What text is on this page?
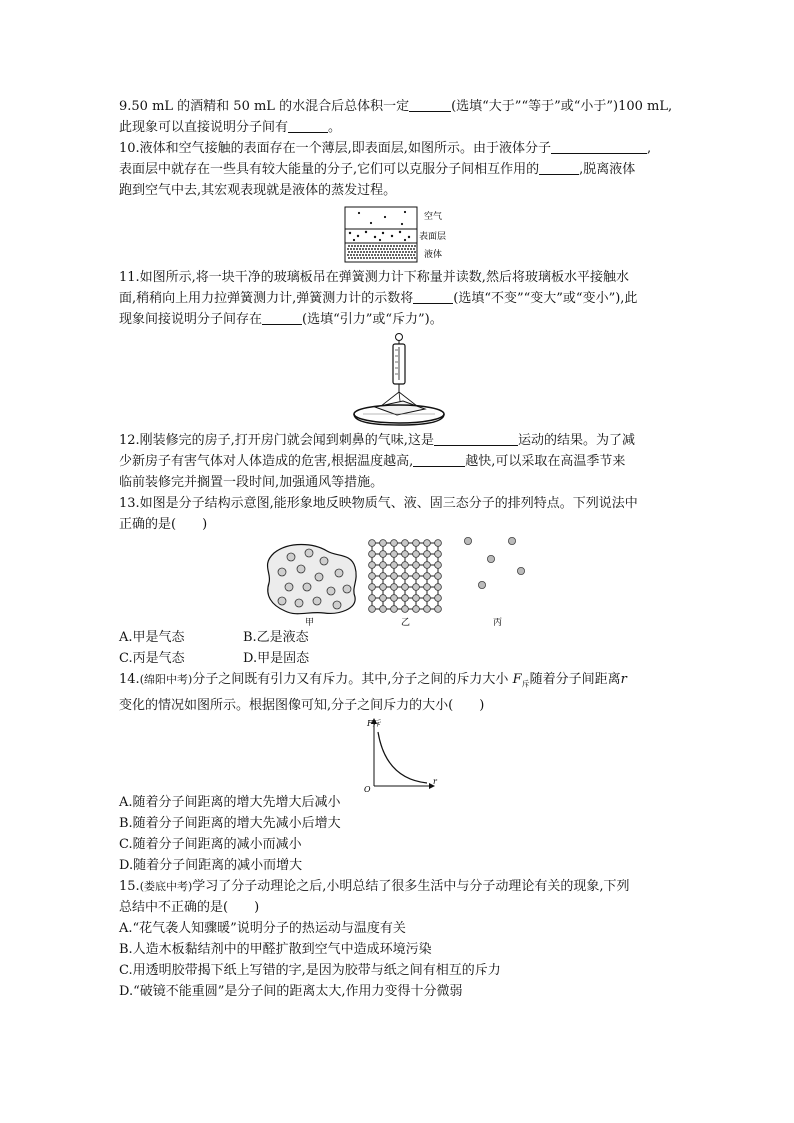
9.50 mL 的酒精和 50 mL 的水混合后总体积一定	(选填“大于”“等于”或“小于”)100 mL,
此现象可以直接说明分子间有	。
10.液体和空气接触的表面存在一个薄层,即表面层,如图所示。由于液体分子	,
表面层中就存在一些具有较大能量的分子,它们可以克服分子间相互作用的	,脱离液体
跑到空气中去,其宏观表现就是液体的蒸发过程。
空气
表面层
液体
11.如图所示,将一块干净的玻璃板吊在弹簧测力计下称量并读数,然后将玻璃板水平接触水
面,稍稍向上用力拉弹簧测力计,弹簧测力计的示数将	(选填“不变”“变大”或“变小”),此
现象间接说明分子间存在	(选填“引力”或“斥力”)。
12.刚装修完的房子,打开房门就会闻到刺鼻的气味,这是	运动的结果。为了减
少新房子有害气体对人体造成的危害,根据温度越高,	越快,可以采取在高温季节来
临前装修完并搁置一段时间,加强通风等措施。
13.如图是分子结构示意图,能形象地反映物质气、液、固三态分子的排列特点。下列说法中
正确的是(　　)
甲	乙	丙
A.甲是气态	B.乙是液态
C.丙是气态	D.甲是固态
14.(绵阳中考)分子之间既有引力又有斥力。其中,分子之间的斥力大小 $F_斥$随着分子间距离r
变化的情况如图所示。根据图像可知,分子之间斥力的大小(　　)
F斥
O
r
A.随着分子间距离的增大先增大后减小
B.随着分子间距离的增大先减小后增大
C.随着分子间距离的减小而减小
D.随着分子间距离的减小而增大
15.(娄底中考)学习了分子动理论之后,小明总结了很多生活中与分子动理论有关的现象,下列
总结中不正确的是(　　)
A.“花气袭人知骤暖”说明分子的热运动与温度有关
B.人造木板黏结剂中的甲醛扩散到空气中造成环境污染
C.用透明胶带揭下纸上写错的字,是因为胶带与纸之间有相互的斥力
D.“破镜不能重圆”是分子间的距离太大,作用力变得十分微弱
